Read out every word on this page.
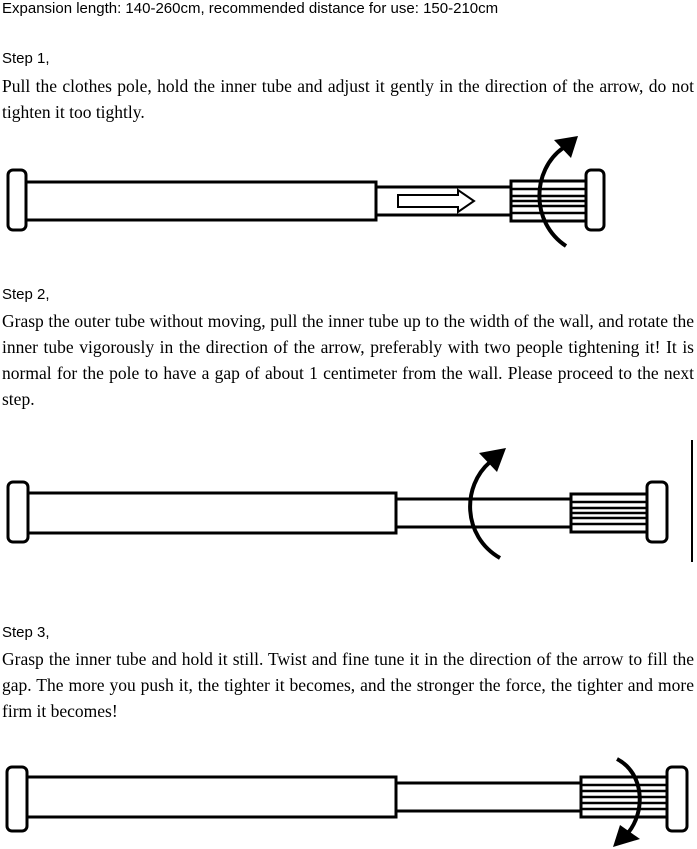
Expansion length: 140-260cm, recommended distance for use: 150-210cm
Step 1,
Pull the clothes pole, hold the inner tube and adjust it gently in the direction of the arrow, do not tighten it too tightly.
Step 2,
Grasp the outer tube without moving, pull the inner tube up to the width of the wall, and rotate the inner tube vigorously in the direction of the arrow, preferably with two people tightening it! It is normal for the pole to have a gap of about 1 centimeter from the wall. Please proceed to the next step.
Step 3,
Grasp the inner tube and hold it still. Twist and fine tune it in the direction of the arrow to fill the gap. The more you push it, the tighter it becomes, and the stronger the force, the tighter and more firm it becomes!
